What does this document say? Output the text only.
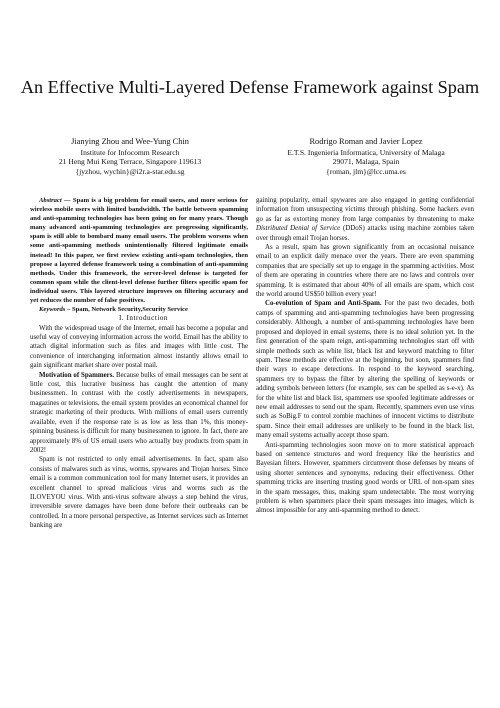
An Effective Multi-Layered Defense Framework against Spam
Jianying Zhou and Wee-Yung Chin
Institute for Infocomm Research
21 Heng Mui Keng Terrace, Singapore 119613
{jyzhou, wychin}@i2r.a-star.edu.sg
Rodrigo Roman and Javier Lopez
E.T.S. Ingenieria Informatica, University of Malaga
29071, Malaga, Spain
{roman, jlm}@lcc.uma.es

Abstract — Spam is a big problem for email users, and more serious for wireless mobile users with limited bandwidth. The battle between spamming and anti-spamming technologies has been going on for many years. Though many advanced anti-spamming technologies are progressing significantly, spam is still able to bombard many email users. The problem worsens when some anti-spamming methods unintentionally filtered legitimate emails instead! In this paper, we first review existing anti-spam technologies, then propose a layered defense framework using a combination of anti-spamming methods. Under this framework, the server-level defense is targeted for common spam while the client-level defense further filters specific spam for individual users. This layered structure improves on filtering accuracy and yet reduces the number of false positives.

Keywords – Spam, Network Security,Security Service

I. Introduction

With the widespread usage of the Internet, email has become a popular and useful way of conveying information across the world. Email has the ability to attach digital information such as files and images with little cost. The convenience of interchanging information almost instantly allows email to gain significant market share over postal mail.

Motivation of Spammers. Because bulks of email messages can be sent at little cost, this lucrative business has caught the attention of many businessmen. In contrast with the costly advertisements in newspapers, magazines or televisions, the email system provides an economical channel for strategic marketing of their products. With millions of email users currently available, even if the response rate is as low as less than 1%, this money-spinning business is difficult for many businessmen to ignore. In fact, there are approximately 8% of US email users who actually buy products from spam in 2002!

Spam is not restricted to only email advertisements. In fact, spam also consists of malwares such as virus, worms, spywares and Trojan horses. Since email is a common communication tool for many Internet users, it provides an excellent channel to spread malicious virus and worms such as the ILOVEYOU virus. With anti-virus software always a step behind the virus, irreversible severe damages have been done before their outbreaks can be controlled. In a more personal perspective, as Internet services such as Internet banking are

gaining popularity, email spywares are also engaged in getting confidential information from unsuspecting victims through phishing. Some hackers even go as far as extorting money from large companies by threatening to make Distributed Denial of Service (DDoS) attacks using machine zombies taken over through email Trojan horses.

As a result, spam has grown significantly from an occasional nuisance email to an explicit daily menace over the years. There are even spamming companies that are specially set up to engage in the spamming activities. Most of them are operating in countries where there are no laws and controls over spamming. It is estimated that about 40% of all emails are spam, which cost the world around US$50 billion every year!

Co-evolution of Spam and Anti-Spam. For the past two decades, both camps of spamming and anti-spamming technologies have been progressing considerably. Although, a number of anti-spamming technologies have been proposed and deployed in email systems, there is no ideal solution yet. In the first generation of the spam reign, anti-spamming technologies start off with simple methods such as white list, black list and keyword matching to filter spam. These methods are effective at the beginning, but soon, spammers find their ways to escape detections. In respond to the keyword searching, spammers try to bypass the filter by altering the spelling of keywords or adding symbols between letters (for example, sex can be spelled as s-e-x). As for the white list and black list, spammers use spoofed legitimate addresses or new email addresses to send out the spam. Recently, spammers even use virus such as SoBig.F to control zombie machines of innocent victims to distribute spam. Since their email addresses are unlikely to be found in the black list, many email systems actually accept those spam.

Anti-spamming technologies soon move on to more statistical approach based on sentence structures and word frequency like the heuristics and Bayesian filters. However, spammers circumvent those defenses by means of using shorter sentences and synonyms, reducing their effectiveness. Other spamming tricks are inserting trusting good words or URL of non-spam sites in the spam messages, thus, making spam undetectable. The most worrying problem is when spammers place their spam messages into images, which is almost impossible for any anti-spamming method to detect.
